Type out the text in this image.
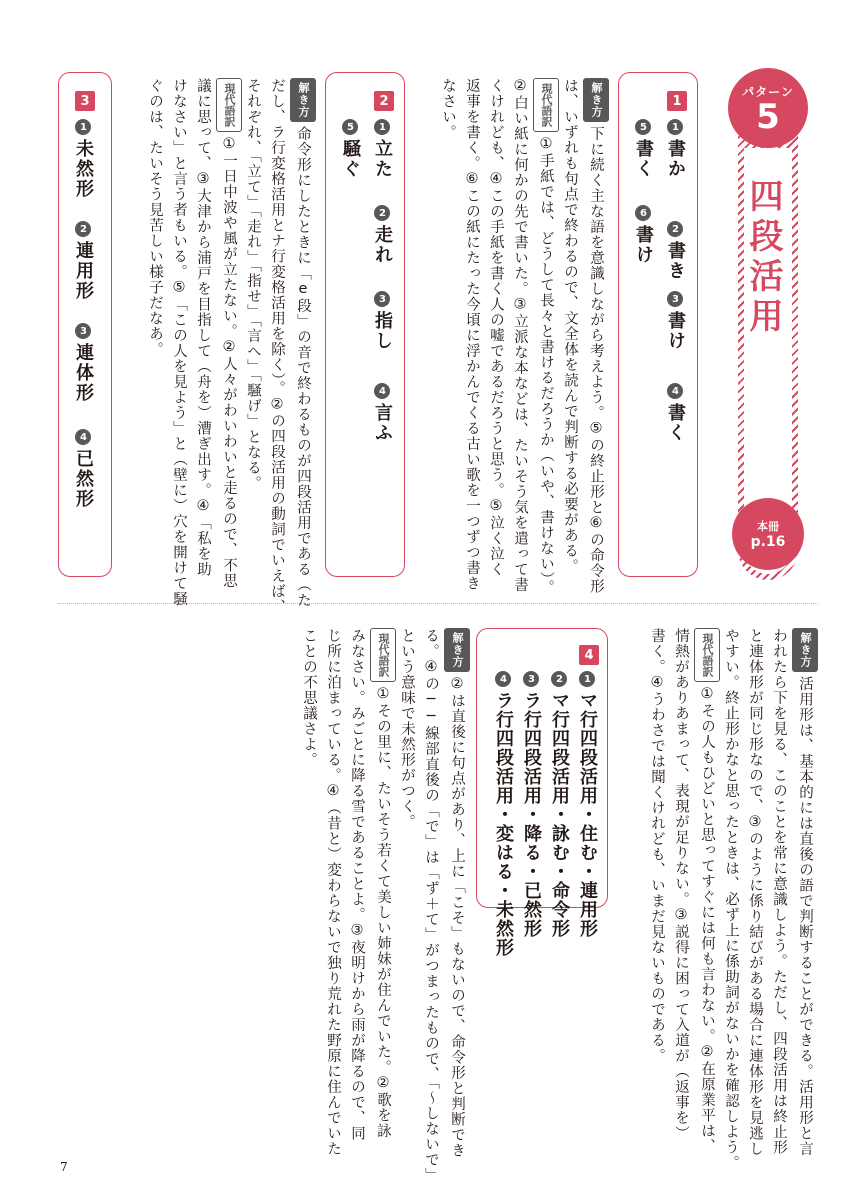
四段活用
パターン
5
本冊
p.16
1
1書か
2書き
3書け
4書く
5書く
6書け
解き方下に続く主な語を意識しながら考えよう。⑤の終止形と⑥の命令形
は、いずれも句点で終わるので、文全体を読んで判断する必要がある。
現代語訳①手紙では、どうして長々と書けるだろうか（いや、書けない）。
②白い紙に何かの先で書いた。③立派な本などは、たいそう気を遣って書
くけれども、④この手紙を書く人の嘘であるだろうと思う。⑤泣く泣く
返事を書く。⑥この紙にたった今頃に浮かんでくる古い歌を一つずつ書き
なさい。
2
1立た
2走れ
3指し
4言ふ
5騒ぐ
解き方命令形にしたときに「e段」の音で終わるものが四段活用である（た
だし、ラ行変格活用とナ行変格活用を除く）。②の四段活用の動詞でいえば、
それぞれ、「立て」「走れ」「指せ」「言へ」「騒げ」となる。
現代語訳①一日中波や風が立たない。②人々がわいわいと走るので、不思
議に思って、③大津から浦戸を目指して（舟を）漕ぎ出す。④「私を助
けなさい」と言う者もいる。⑤「この人を見よう」と（壁に）穴を開けて騒
ぐのは、たいそう見苦しい様子だなあ。
3
1未然形
2連用形
3連体形
4已然形
解き方活用形は、基本的には直後の語で判断することができる。活用形と言
われたら下を見る、このことを常に意識しよう。ただし、四段活用は終止形
と連体形が同じ形なので、③のように係り結びがある場合に連体形を見逃し
やすい。終止形かなと思ったときは、必ず上に係助詞がないかを確認しよう。
現代語訳①その人もひどいと思ってすぐには何も言わない。②在原業平は、
情熱がありあまって、表現が足りない。③説得に困って入道が（返事を）
書く。④うわさでは聞くけれども、いまだ見ないものである。
4
1マ行四段活用・住む・連用形
2マ行四段活用・詠む・命令形
3ラ行四段活用・降る・已然形
4ラ行四段活用・変はる・未然形
解き方②は直後に句点があり、上に「こそ」もないので、命令形と判断でき
る。④の──線部直後の「で」は「ず＋て」がつまったもので、「～しないで」
という意味で未然形がつく。
現代語訳①その里に、たいそう若くて美しい姉妹が住んでいた。②歌を詠
みなさい。みごとに降る雪であることよ。③夜明けから雨が降るので、同
じ所に泊まっている。④（昔と）変わらないで独り荒れた野原に住んでいた
ことの不思議さよ。
7
